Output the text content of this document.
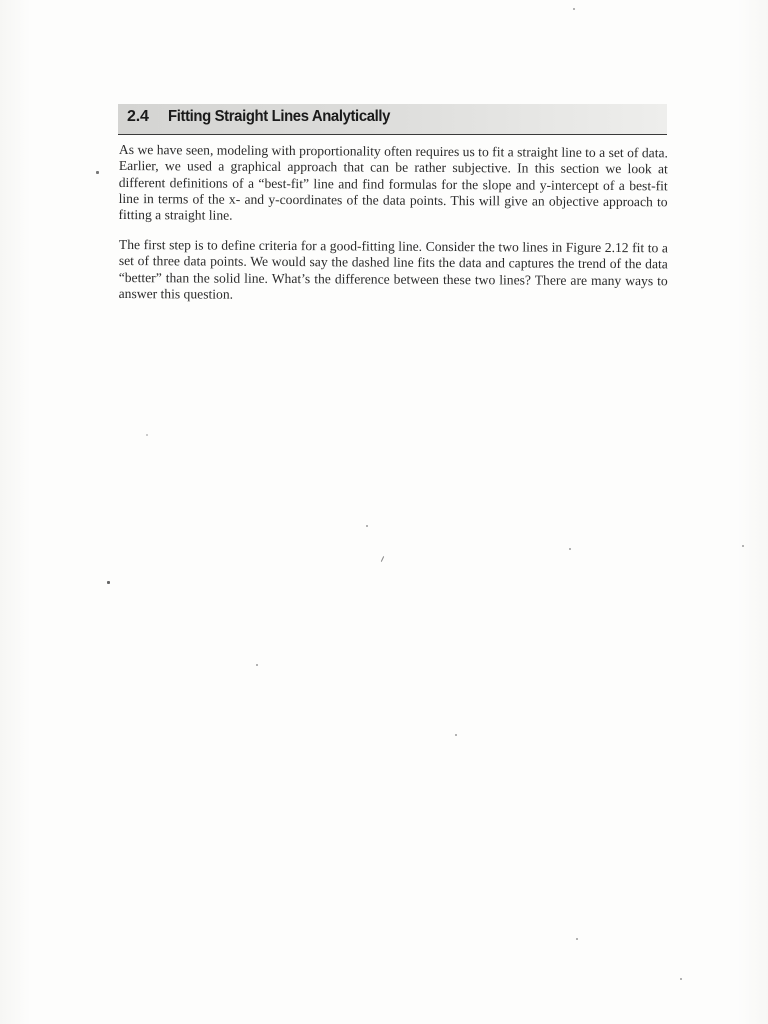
2.4 Fitting Straight Lines Analytically

As we have seen, modeling with proportionality often requires us to fit a straight line to a set of data. Earlier, we used a graphical approach that can be rather subjective. In this section we look at different definitions of a “best-fit” line and find formulas for the slope and y-intercept of a best-fit line in terms of the x- and y-coordinates of the data points. This will give an objective approach to fitting a straight line.

The first step is to define criteria for a good-fitting line. Consider the two lines in Figure 2.12 fit to a set of three data points. We would say the dashed line fits the data and captures the trend of the data “better” than the solid line. What’s the difference between these two lines? There are many ways to answer this question.
